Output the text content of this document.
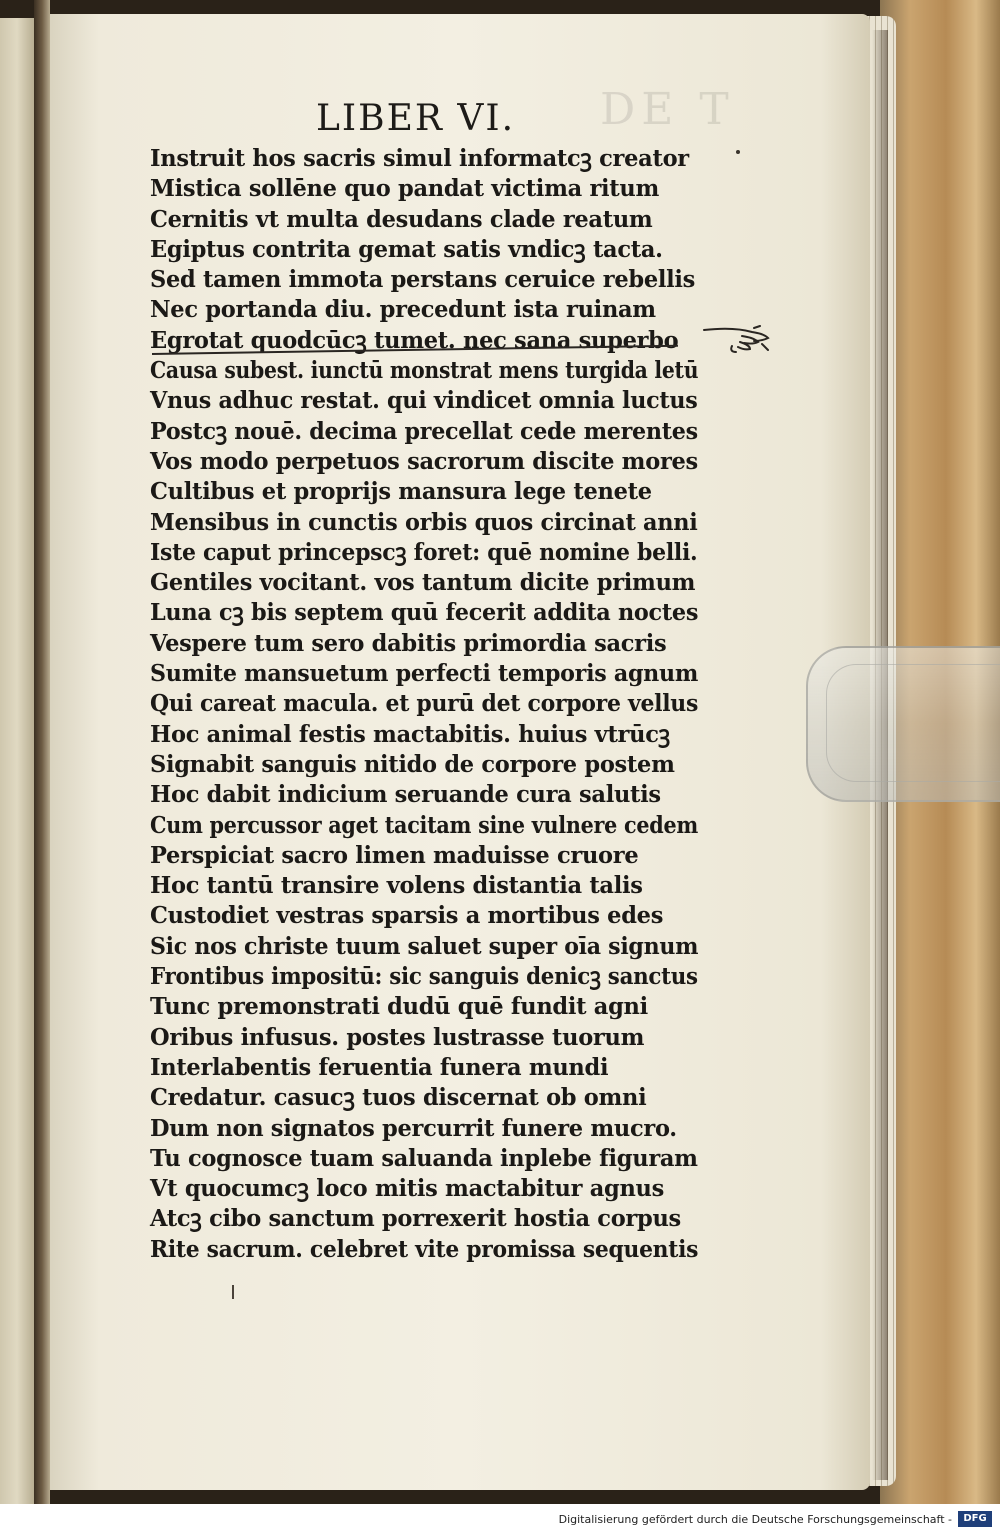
DE T
LIBER VI.
Instruit hos sacris simul informatcꝫ creator
Mistica sollēne quo pandat victima ritum
Cernitis vt multa desudans clade reatum
Egiptus contrita gemat satis vndicꝫ tacta.
Sed tamen immota perstans ceruice rebellis
Nec portanda diu. precedunt ista ruinam
Egrotat quodcūcꝫ tumet. nec sana superbo
Causa subest. iunctū monstrat mens turgida letū
Vnus adhuc restat. qui vindicet omnia luctus
Postcꝫ nouē. decima precellat cede merentes
Vos modo perpetuos sacrorum discite mores
Cultibus et proprijs mansura lege tenete
Mensibus in cunctis orbis quos circinat anni
Iste caput princepscꝫ foret: quē nomine belli.
Gentiles vocitant. vos tantum dicite primum
Luna cꝫ bis septem quū fecerit addita noctes
Vespere tum sero dabitis primordia sacris
Sumite mansuetum perfecti temporis agnum
Qui careat macula. et purū det corpore vellus
Hoc animal festis mactabitis. huius vtrūcꝫ
Signabit sanguis nitido de corpore postem
Hoc dabit indicium seruande cura salutis
Cum percussor aget tacitam sine vulnere cedem
Perspiciat sacro limen maduisse cruore
Hoc tantū transire volens distantia talis
Custodiet vestras sparsis a mortibus edes
Sic nos christe tuum saluet super oīa signum
Frontibus impositū: sic sanguis denicꝫ sanctus
Tunc premonstrati dudū quē fundit agni
Oribus infusus. postes lustrasse tuorum
Interlabentis feruentia funera mundi
Credatur. casucꝫ tuos discernat ob omni
Dum non signatos percurrit funere mucro.
Tu cognosce tuam saluanda inplebe figuram
Vt quocumcꝫ loco mitis mactabitur agnus
Atcꝫ cibo sanctum porrexerit hostia corpus
Rite sacrum. celebret vite promissa sequentis
Digitalisierung gefördert durch die Deutsche Forschungsgemeinschaft -	DFG
